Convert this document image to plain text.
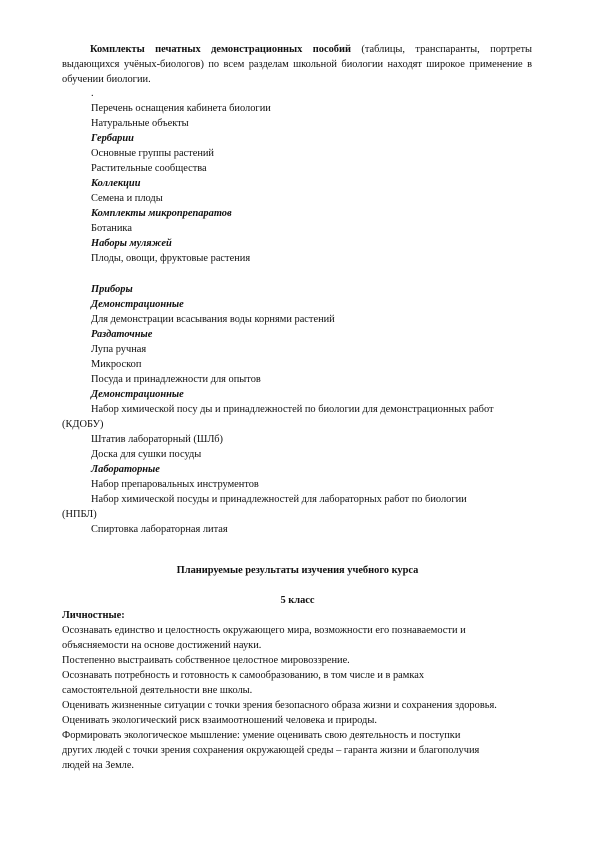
Комплекты печатных демонстрационных пособий (таблицы, транспаранты, портреты выдающихся учёных-биологов) по всем разделам школьной биологии находят широкое применение в обучении биологии.
.
Перечень оснащения кабинета биологии
Натуральные объекты
Гербарии
Основные группы растений
Растительные сообщества
Коллекции
Семена и плоды
Комплекты микропрепаратов
Ботаника
Наборы муляжей
Плоды, овощи, фруктовые растения
Приборы
Демонстрационные
Для демонстрации всасывания воды корнями растений
Раздаточные
Лупа ручная
Микроскоп
Посуда и принадлежности для опытов
Демонстрационные
Набор химической посу ды и принадлежностей по биологии для демонстрационных работ
(КДОБУ)
Штатив лабораторный (ШЛб)
Доска для сушки посуды
Лабораторные
Набор препаровальных инструментов
Набор химической посуды и принадлежностей для лабораторных работ по биологии
(НПБЛ)
Спиртовка лабораторная литая
Планируемые результаты изучения учебного курса
5 класс
Личностные:
Осознавать единство и целостность окружающего мира, возможности его познаваемости и
объясняемости на основе достижений науки.
Постепенно выстраивать собственное целостное мировоззрение.
Осознавать потребность и готовность к самообразованию, в том числе и в рамках
самостоятельной деятельности вне школы.
Оценивать жизненные ситуации с точки зрения безопасного образа жизни и сохранения здоровья.
Оценивать экологический риск взаимоотношений человека и природы.
Формировать экологическое мышление: умение оценивать свою деятельность и поступки
других людей с точки зрения сохранения окружающей среды – гаранта жизни и благополучия
людей на Земле.
